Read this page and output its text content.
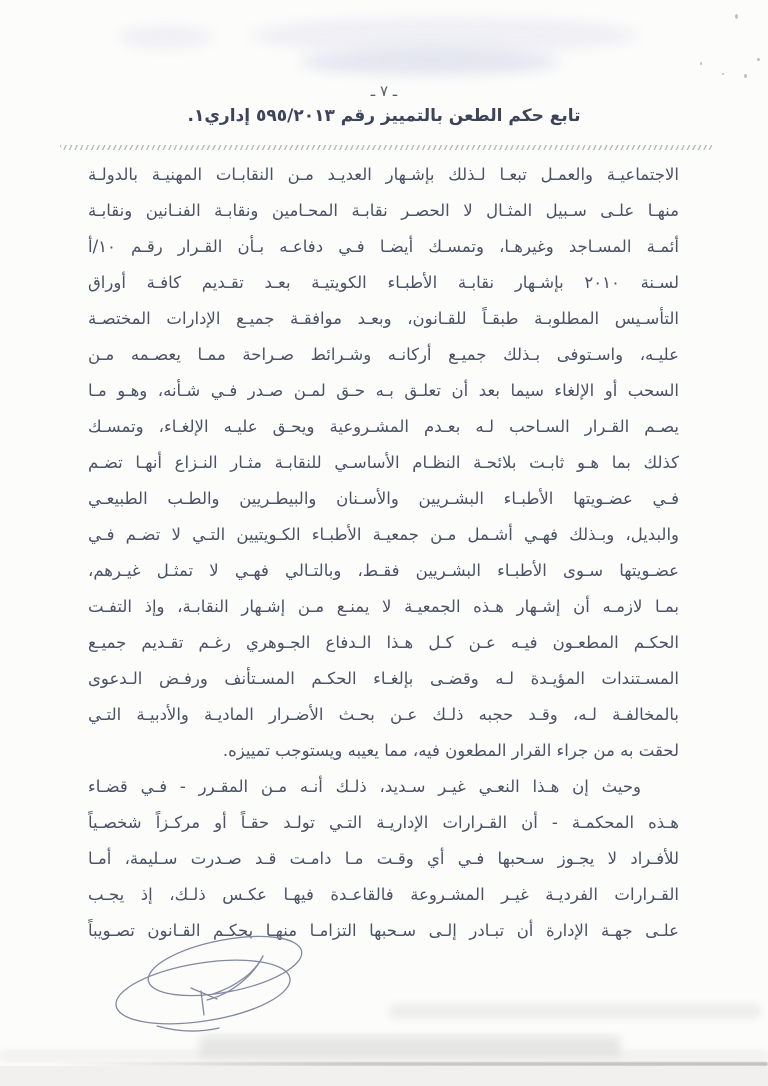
ـ ٧ ـ
تابع حكم الطعن بالتمييز رقم ٥٩٥/٢٠١٣ إداري١.
الاجتماعيـة والعمـل تبعـا لـذلك بإشـهار العديـد مـن النقابـات المهنيـة بالدولـة
منهـا علـى سـبيل المثـال لا الحصـر نقابـة المحـامين ونقابـة الفنـانين ونقابـة
أئمـة المسـاجد وغيرهـا، وتمسـك أيضـا فـي دفاعـه بـأن القـرار رقـم ١٠/أ
لسـنة ٢٠١٠ بإشـهار نقابـة الأطبـاء الكويتيـة بعـد تقـديم كافـة أوراق
التأسـيس المطلوبـة طبقـاً للقـانون، وبعـد موافقـة جميـع الإدارات المختصـة
عليـه، واسـتوفى بـذلك جميـع أركانـه وشـرائط صـراحة ممـا يعصـمه مـن
السحب أو الإلغاء سيما بعد أن تعلـق بـه حـق لمـن صـدر فـي شـأنه، وهـو مـا
يصـم القـرار السـاحب لـه بعـدم المشـروعية ويحـق عليـه الإلغـاء، وتمسـك
كذلك بما هـو ثابـت بلائحـة النظـام الأساسـي للنقابـة مثـار النـزاع أنهـا تضـم
فـي عضـويتها الأطبـاء البشـريين والأسـنان والبيطـريين والطـب الطبيعـي
والبديل، وبـذلك فهـي أشـمل مـن جمعيـة الأطبـاء الكـويتيين التـي لا تضـم فـي
عضـويتها سـوى الأطبـاء البشـريين فقـط، وبالتـالي فهـي لا تمثـل غيـرهم،
بمـا لازمـه أن إشـهار هـذه الجمعيـة لا يمنـع مـن إشـهار النقابـة، وإذ التفـت
الحكـم المطعـون فيـه عـن كـل هـذا الـدفاع الجـوهري رغـم تقـديم جميـع
المسـتندات المؤيـدة لـه وقضـى بإلغـاء الحكـم المسـتأنف ورفـض الـدعوى
بالمخالفـة لـه، وقـد حجبه ذلـك عـن بحـث الأضـرار الماديـة والأدبيـة التـي
لحقت به من جراء القرار المطعون فيه، مما يعيبه ويستوجب تمييزه.
وحيث إن هـذا النعـي غيـر سـديد، ذلـك أنـه مـن المقـرر - فـي قضـاء
هـذه المحكمـة - أن القـرارات الإداريـة التـي تولـد حقـاً أو مركـزاً شخصـياً
للأفـراد لا يجـوز سـحبها فـي أي وقـت مـا دامـت قـد صـدرت سـليمة، أمـا
القـرارات الفرديـة غيـر المشـروعة فالقاعـدة فيهـا عكـس ذلـك، إذ يجـب
علـى جهـة الإدارة أن تبـادر إلـى سـحبها التزامـا منهـا بحكـم القـانون تصـويباً
